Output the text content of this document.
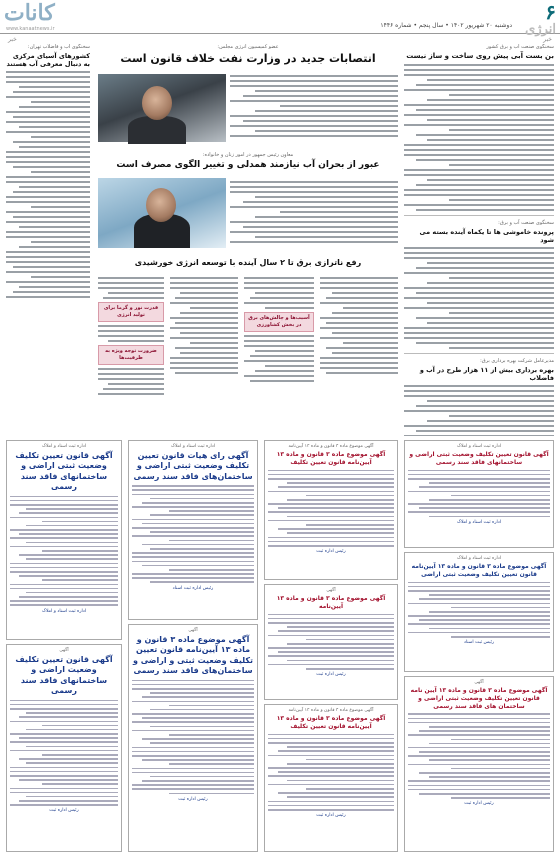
۶
انرژی
دوشنبه ۲۰ شهریور ۱۴۰۲ • سال پنجم • شماره ۱۴۴۶
کانات
www.kanaatnews.ir
خبر
خبر
سخنگوی صنعت آب و برق کشور
بن بست آبی پیش روی ساخت و ساز نیست
سخنگوی صنعت آب و برق:
پرونده خاموشی ها تا یکماه آینده بسته می شود
مدیرعامل شرکت بهره برداری برق:
بهره برداری بیش از ۱۱ هزار طرح در آب و فاضلاب
عضو کمیسیون انرژی مجلس:
انتصابات جدید در وزارت نفت خلاف قانون است
سخنگوی آب و فاضلاب تهران:
کشورهای آسیای مرکزی به دنبال معرفی آب هستند
معاون رئیس جمهور در امور زنان و خانواده:
عبور از بحران آب نیازمند همدلی و تغییر الگوی مصرف است
رفع ناترازی برق تا ۲ سال آینده با توسعه انرژی خورشیدی
آسیب‌ها و چالش‌های برق در بخش کشاورزی
قدرت نور و گرما برای تولید انرژی
ضرورت توجه ویژه به ظرفیت‌ها
اداره ثبت اسناد و املاک
آگهی قانون تعیین تکلیف وضعیت ثبتی اراضی و ساختمانهای فاقد سند رسمی
اداره ثبت اسناد و املاک
آگهی موضوع ماده ۳ قانون و ماده ۱۳ آیین‌نامه
آگهی موضوع ماده ۳ قانون و ماده ۱۳ آیین‌نامه قانون تعیین تکلیف
رئیس اداره ثبت
اداره ثبت اسناد و املاک
آگهی رای هیات قانون تعیین تکلیف وضعیت ثبتی اراضی و ساختمان‌های فاقد سند رسمی
رئیس اداره ثبت اسناد
اداره ثبت اسناد و املاک
آگهی قانون تعیین تکلیف وضعیت ثبتی اراضی و ساختمانهای فاقد سند رسمی
اداره ثبت اسناد و املاک
اداره ثبت اسناد و املاک
آگهی موضوع ماده ۳ قانون و ماده ۱۳ آیین‌نامه قانون تعیین تکلیف وضعیت ثبتی اراضی
رئیس ثبت اسناد
آگهی
آگهی موضوع ماده ۳ قانون و ماده ۱۳ آیین‌نامه
رئیس اداره ثبت
آگهی
آگهی موضوع ماده ۳ قانون و ماده ۱۳ آیین‌نامه قانون تعیین تکلیف وضعیت ثبتی و اراضی و ساختمان‌های فاقد سند رسمی
رئیس اداره ثبت
آگهی
آگهی قانون تعیین تکلیف وضعیت اراضی و ساختمانهای فاقد سند رسمی
رئیس اداره ثبت
آگهی
آگهی موضوع ماده ۳ قانون و ماده ۱۳ آیین نامه قانون تعیین تکلیف وضعیت ثبتی اراضی و ساختمان های فاقد سند رسمی
رئیس اداره ثبت
آگهی موضوع ماده ۳ قانون و ماده ۱۳ آیین‌نامه
آگهی موضوع ماده ۳ قانون و ماده ۱۳ آیین‌نامه قانون تعیین تکلیف
رئیس اداره ثبت
